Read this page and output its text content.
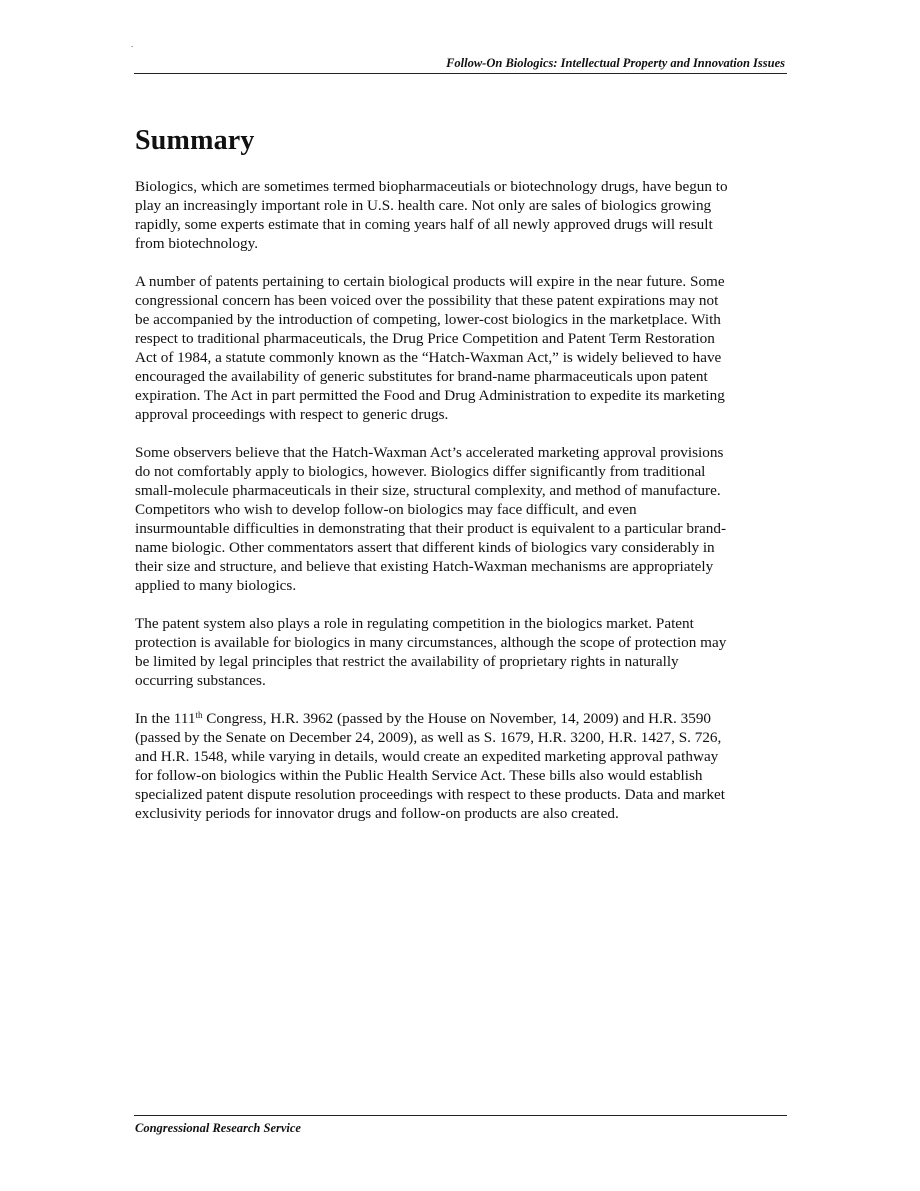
.
Follow-On Biologics: Intellectual Property and Innovation Issues
Summary

Biologics, which are sometimes termed biopharmaceutials or biotechnology drugs, have begun to
play an increasingly important role in U.S. health care. Not only are sales of biologics growing
rapidly, some experts estimate that in coming years half of all newly approved drugs will result
from biotechnology.

A number of patents pertaining to certain biological products will expire in the near future. Some
congressional concern has been voiced over the possibility that these patent expirations may not
be accompanied by the introduction of competing, lower-cost biologics in the marketplace. With
respect to traditional pharmaceuticals, the Drug Price Competition and Patent Term Restoration
Act of 1984, a statute commonly known as the “Hatch-Waxman Act,” is widely believed to have
encouraged the availability of generic substitutes for brand-name pharmaceuticals upon patent
expiration. The Act in part permitted the Food and Drug Administration to expedite its marketing
approval proceedings with respect to generic drugs.

Some observers believe that the Hatch-Waxman Act’s accelerated marketing approval provisions
do not comfortably apply to biologics, however. Biologics differ significantly from traditional
small-molecule pharmaceuticals in their size, structural complexity, and method of manufacture.
Competitors who wish to develop follow-on biologics may face difficult, and even
insurmountable difficulties in demonstrating that their product is equivalent to a particular brand-
name biologic. Other commentators assert that different kinds of biologics vary considerably in
their size and structure, and believe that existing Hatch-Waxman mechanisms are appropriately
applied to many biologics.

The patent system also plays a role in regulating competition in the biologics market. Patent
protection is available for biologics in many circumstances, although the scope of protection may
be limited by legal principles that restrict the availability of proprietary rights in naturally
occurring substances.

In the 111th Congress, H.R. 3962 (passed by the House on November, 14, 2009) and H.R. 3590
(passed by the Senate on December 24, 2009), as well as S. 1679, H.R. 3200, H.R. 1427, S. 726,
and H.R. 1548, while varying in details, would create an expedited marketing approval pathway
for follow-on biologics within the Public Health Service Act. These bills also would establish
specialized patent dispute resolution proceedings with respect to these products. Data and market
exclusivity periods for innovator drugs and follow-on products are also created.

Congressional Research Service
